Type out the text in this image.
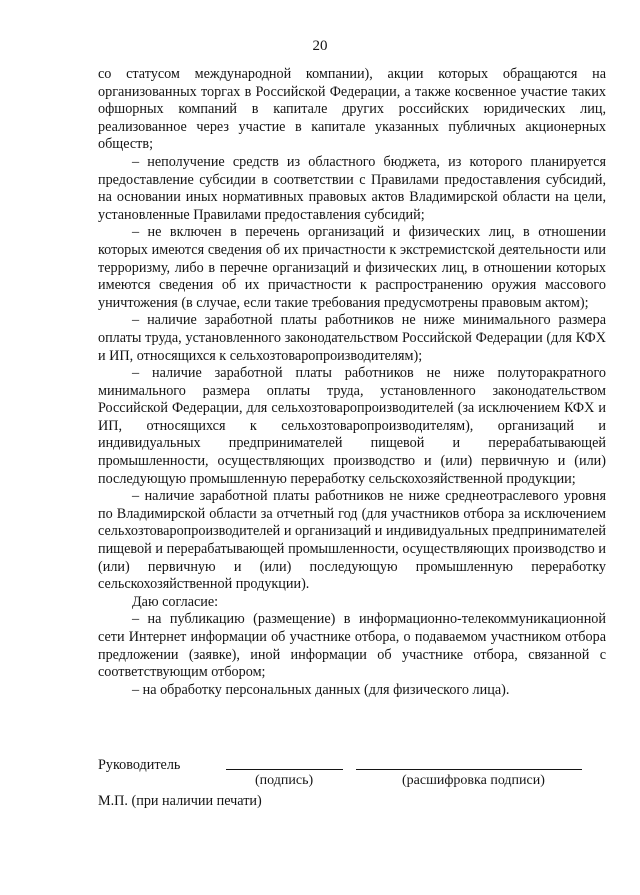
20

со статусом международной компании), акции которых обращаются на организованных торгах в Российской Федерации, а также косвенное участие таких офшорных компаний в капитале других российских юридических лиц, реализованное через участие в капитале указанных публичных акционерных обществ;

– неполучение средств из областного бюджета, из которого планируется предоставление субсидии в соответствии с Правилами предоставления субсидий, на основании иных нормативных правовых актов Владимирской области на цели, установленные Правилами предоставления субсидий;

– не включен в перечень организаций и физических лиц, в отношении которых имеются сведения об их причастности к экстремистской деятельности или терроризму, либо в перечне организаций и физических лиц, в отношении которых имеются сведения об их причастности к распространению оружия массового уничтожения (в случае, если такие требования предусмотрены правовым актом);

– наличие заработной платы работников не ниже минимального размера оплаты труда, установленного законодательством Российской Федерации (для КФХ и ИП, относящихся к сельхозтоваропроизводителям);

– наличие заработной платы работников не ниже полуторакратного минимального размера оплаты труда, установленного законодательством Российской Федерации, для сельхозтоваропроизводителей (за исключением КФХ и ИП, относящихся к сельхозтоваропроизводителям), организаций и индивидуальных предпринимателей пищевой и перерабатывающей промышленности, осуществляющих производство и (или) первичную и (или) последующую промышленную переработку сельскохозяйственной продукции;

– наличие заработной платы работников не ниже среднеотраслевого уровня по Владимирской области за отчетный год (для участников отбора за исключением сельхозтоваропроизводителей и организаций и индивидуальных предпринимателей пищевой и перерабатывающей промышленности, осуществляющих производство и (или) первичную и (или) последующую промышленную переработку сельскохозяйственной продукции).

Даю согласие:

– на публикацию (размещение) в информационно-телекоммуникационной сети Интернет информации об участнике отбора, о подаваемом участником отбора предложении (заявке), иной информации об участнике отбора, связанной с соответствующим отбором;

– на обработку персональных данных (для физического лица).

Руководитель
(подпись)	(расшифровка подписи)
М.П. (при наличии печати)
